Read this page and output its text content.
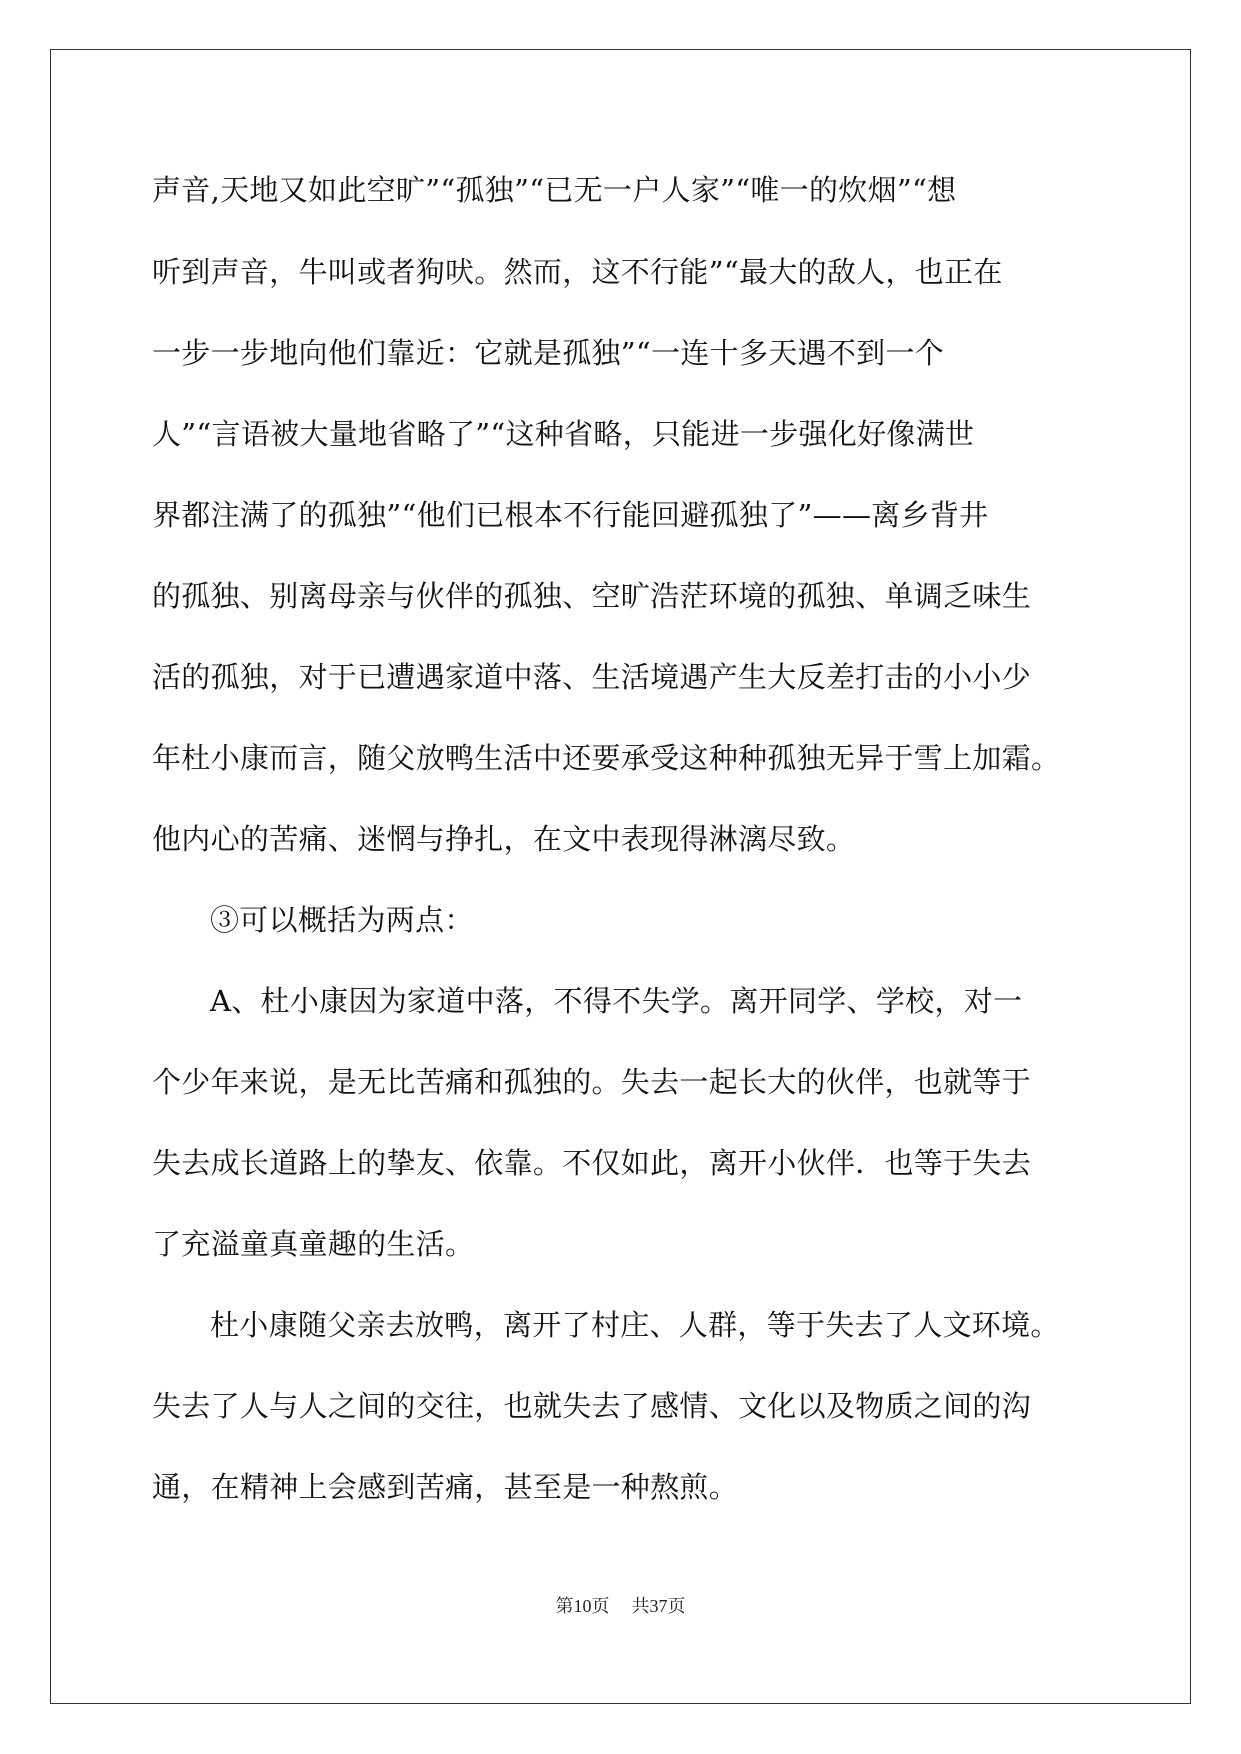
声音,天地又如此空旷”“孤独”“已无一户人家”“唯一的炊烟”“想
听到声音，牛叫或者狗吠。然而，这不行能”“最大的敌人，也正在
一步一步地向他们靠近：它就是孤独”“一连十多天遇不到一个
人”“言语被大量地省略了”“这种省略，只能进一步强化好像满世
界都注满了的孤独”“他们已根本不行能回避孤独了”——离乡背井
的孤独、别离母亲与伙伴的孤独、空旷浩茫环境的孤独、单调乏味生
活的孤独，对于已遭遇家道中落、生活境遇产生大反差打击的小小少
年杜小康而言，随父放鸭生活中还要承受这种种孤独无异于雪上加霜。
他内心的苦痛、迷惘与挣扎，在文中表现得淋漓尽致。
③可以概括为两点：
A、杜小康因为家道中落，不得不失学。离开同学、学校，对一
个少年来说，是无比苦痛和孤独的。失去一起长大的伙伴，也就等于
失去成长道路上的挚友、依靠。不仅如此，离开小伙伴．也等于失去
了充溢童真童趣的生活。
杜小康随父亲去放鸭，离开了村庄、人群，等于失去了人文环境。
失去了人与人之间的交往，也就失去了感情、文化以及物质之间的沟
通，在精神上会感到苦痛，甚至是一种熬煎。
第10页 共37页
